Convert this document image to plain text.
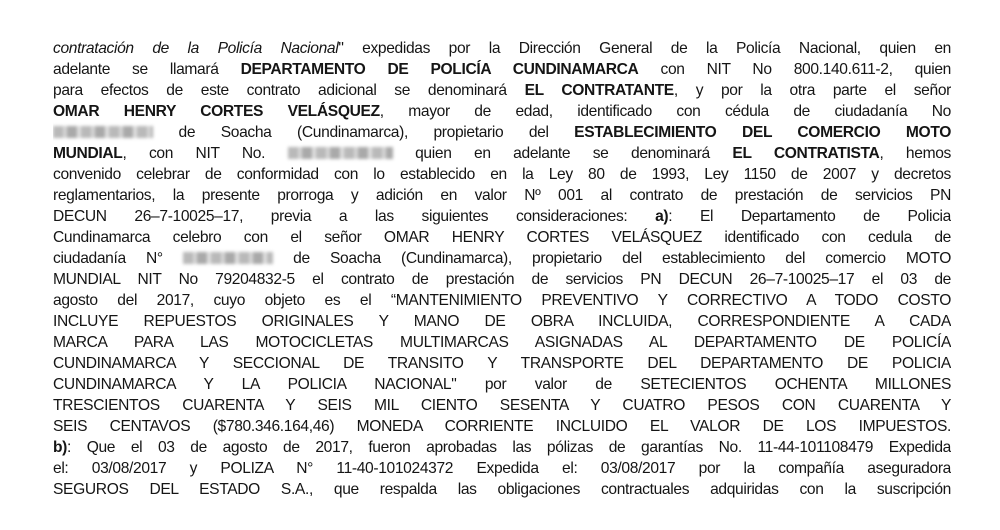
contratación de la Policía Nacional" expedidas por la Dirección General de la Policía Nacional, quien en
adelante se llamará DEPARTAMENTO DE POLICÍA CUNDINAMARCA con NIT No 800.140.611-2, quien
para efectos de este contrato adicional se denominará EL CONTRATANTE, y por la otra parte el señor
OMAR HENRY CORTES VELÁSQUEZ, mayor de edad, identificado con cédula de ciudadanía No
de Soacha (Cundinamarca), propietario del ESTABLECIMIENTO DEL COMERCIO MOTO
MUNDIAL, con NIT No.	quien en adelante se denominará EL CONTRATISTA, hemos
convenido celebrar de conformidad con lo establecido en la Ley 80 de 1993, Ley 1150 de 2007 y decretos
reglamentarios, la presente prorroga y adición en valor Nº 001 al contrato de prestación de servicios PN
DECUN 26–7-10025–17, previa a las siguientes consideraciones: a): El Departamento de Policia
Cundinamarca celebro con el señor OMAR HENRY CORTES VELÁSQUEZ identificado con cedula de
ciudadanía N°	de Soacha (Cundinamarca), propietario del establecimiento del comercio MOTO
MUNDIAL NIT No 79204832-5 el contrato de prestación de servicios PN DECUN 26–7-10025–17 el 03 de
agosto del 2017, cuyo objeto es el “MANTENIMIENTO PREVENTIVO Y CORRECTIVO A TODO COSTO
INCLUYE REPUESTOS ORIGINALES Y MANO DE OBRA INCLUIDA, CORRESPONDIENTE A CADA
MARCA PARA LAS MOTOCICLETAS MULTIMARCAS ASIGNADAS AL DEPARTAMENTO DE POLICÍA
CUNDINAMARCA Y SECCIONAL DE TRANSITO Y TRANSPORTE DEL DEPARTAMENTO DE POLICIA
CUNDINAMARCA Y LA POLICIA NACIONAL" por valor de SETECIENTOS OCHENTA MILLONES
TRESCIENTOS CUARENTA Y SEIS MIL CIENTO SESENTA Y CUATRO PESOS CON CUARENTA Y
SEIS CENTAVOS ($780.346.164,46) MONEDA CORRIENTE INCLUIDO EL VALOR DE LOS IMPUESTOS.
b): Que el 03 de agosto de 2017, fueron aprobadas las pólizas de garantías No. 11-44-101108479 Expedida
el: 03/08/2017 y POLIZA N° 11-40-101024372 Expedida el: 03/08/2017 por la compañía aseguradora
SEGUROS DEL ESTADO S.A., que respalda las obligaciones contractuales adquiridas con la suscripción
